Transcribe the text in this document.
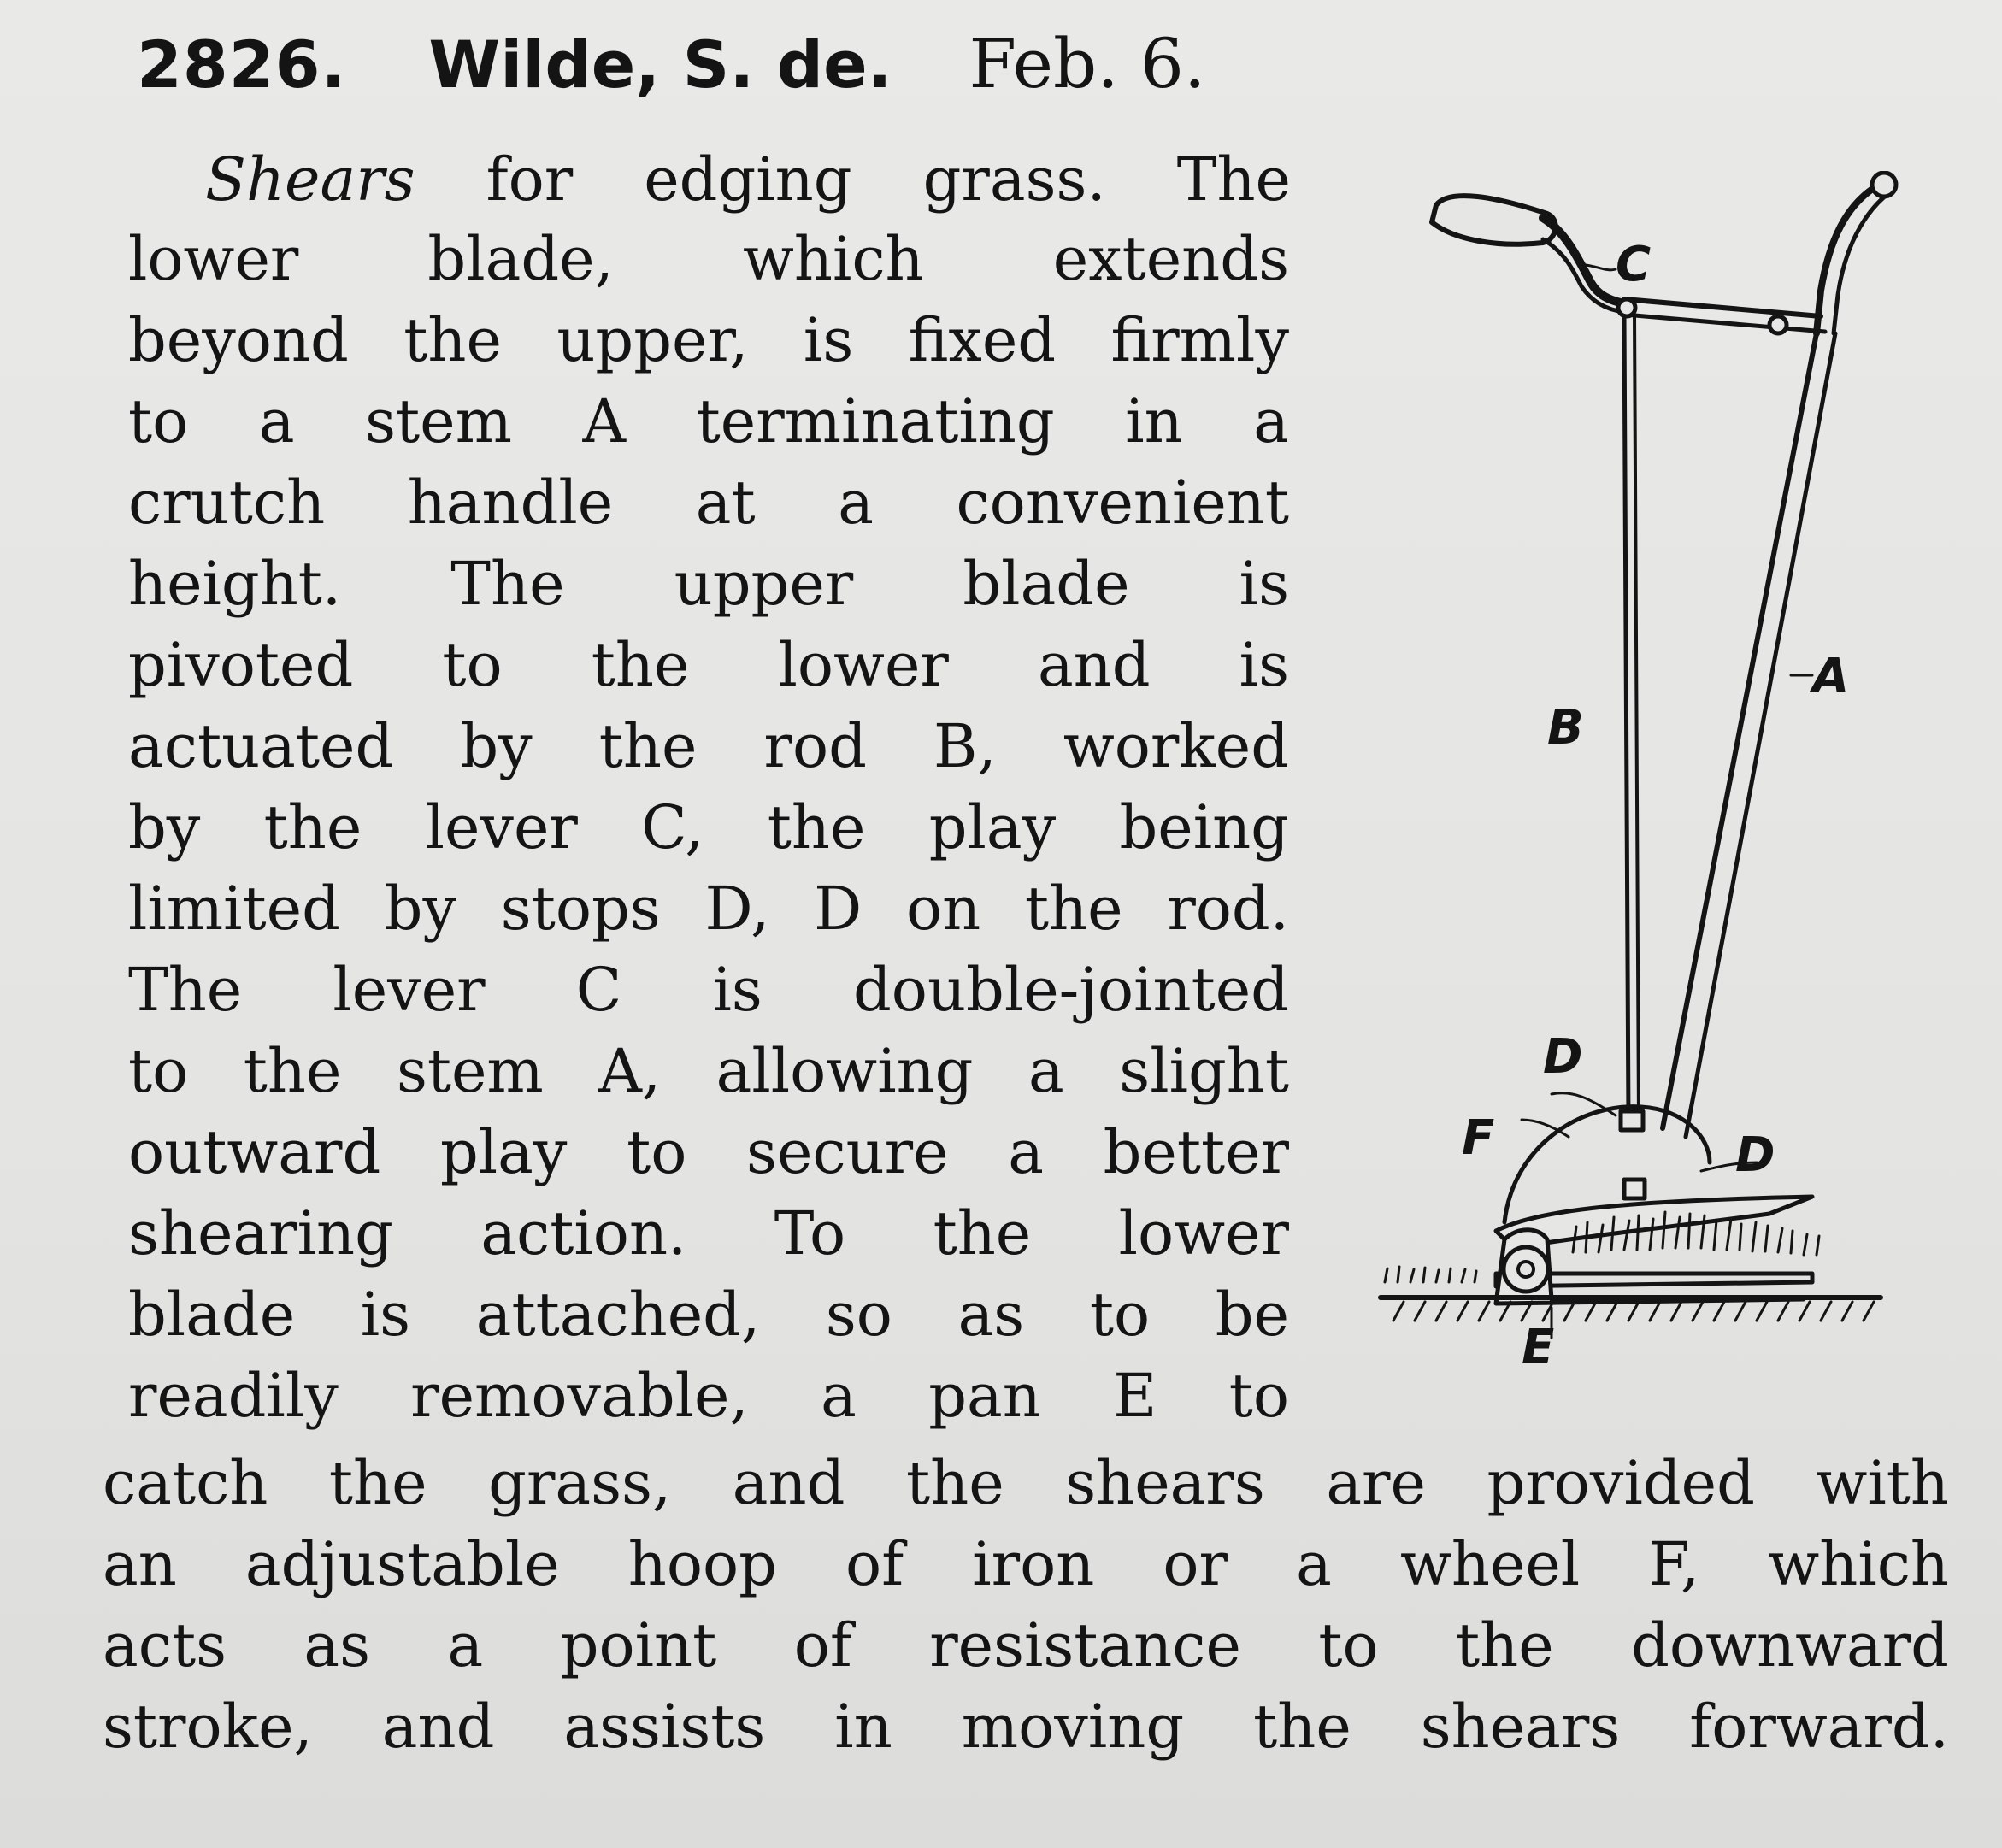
2826. Wilde, S. de. Feb. 6.
Shears for edging grass. The
lower blade, which extends
beyond the upper, is fixed firmly
to a stem A terminating in a
crutch handle at a convenient
height. The upper blade is
pivoted to the lower and is
actuated by the rod B, worked
by the lever C, the play being
limited by stops D, D on the rod.
The lever C is double-jointed
to the stem A, allowing a slight
outward play to secure a better
shearing action. To the lower
blade is attached, so as to be
readily removable, a pan E to
catch the grass, and the shears are provided with
an adjustable hoop of iron or a wheel F, which
acts as a point of resistance to the downward
stroke, and assists in moving the shears forward.
C
A
B
D
F	D
E
